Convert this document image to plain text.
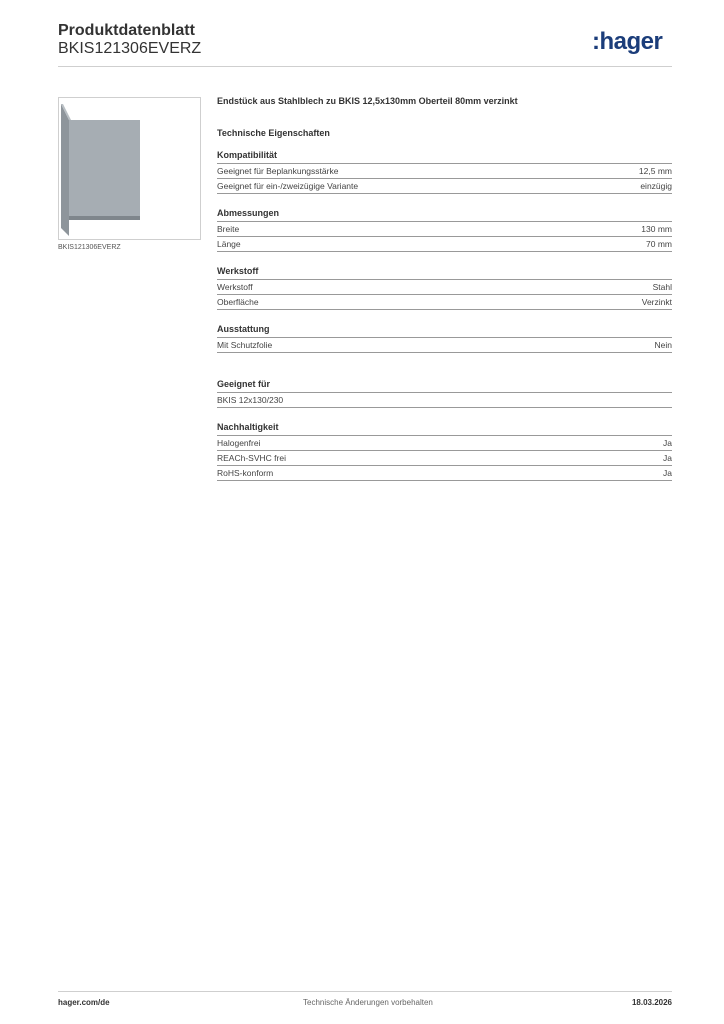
Produktdatenblatt
BKIS121306EVERZ	:hager
BKIS121306EVERZ
Endstück aus Stahlblech zu BKIS 12,5x130mm Oberteil 80mm verzinkt
Technische Eigenschaften
Kompatibilität
Geeignet für Beplankungsstärke	12,5 mm
Geeignet für ein-/zweizügige Variante	einzügig
Abmessungen
Breite	130 mm
Länge	70 mm
Werkstoff
Werkstoff	Stahl
Oberfläche	Verzinkt
Ausstattung
Mit Schutzfolie	Nein
Geeignet für
BKIS 12x130/230
Nachhaltigkeit
Halogenfrei	Ja
REACh-SVHC frei	Ja
RoHS-konform	Ja
hager.com/de	Technische Änderungen vorbehalten	18.03.2026
